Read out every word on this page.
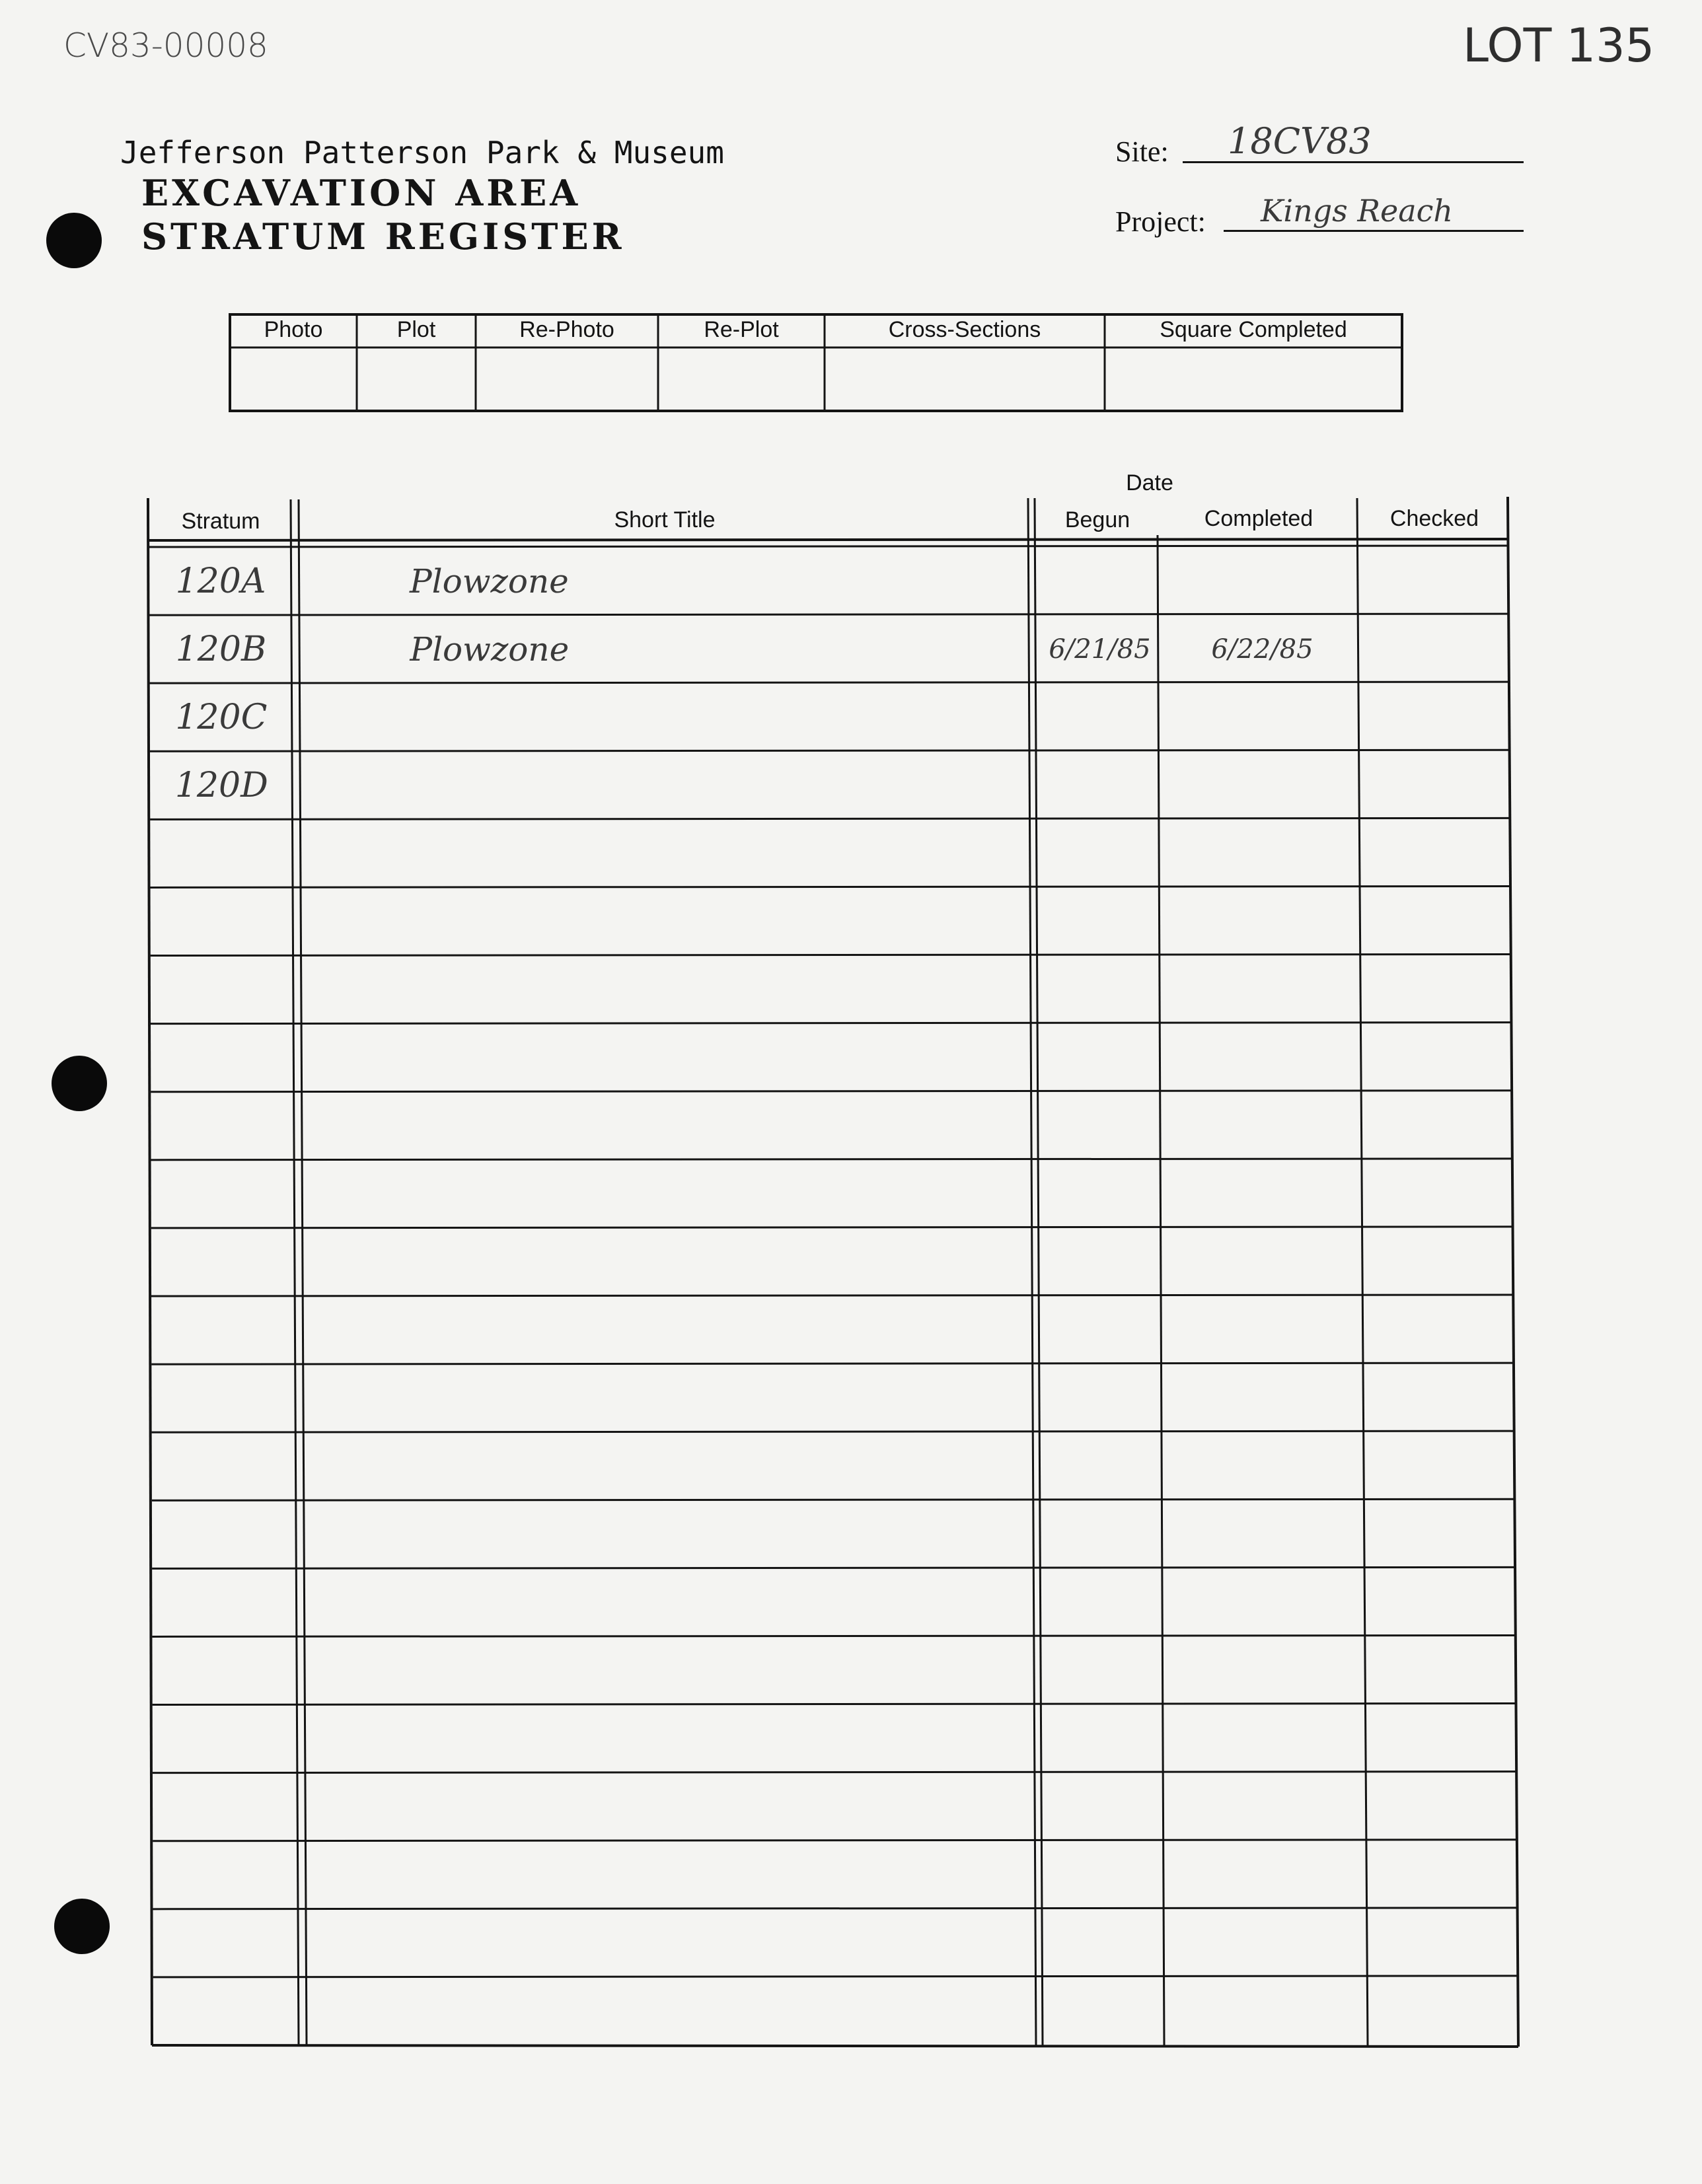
CV83-00008	LOT 135
Jefferson Patterson Park & Museum
EXCAVATION AREA
STRATUM REGISTER
Site: 18CV83
Project: Kings Reach
Photo	Plot	Re-Photo	Re-Plot	Cross-Sections	Square Completed
Date
Stratum	Short Title	Begun	Completed	Checked
120A	Plowzone
120B	Plowzone	6/21/85	6/22/85
120C
120D
